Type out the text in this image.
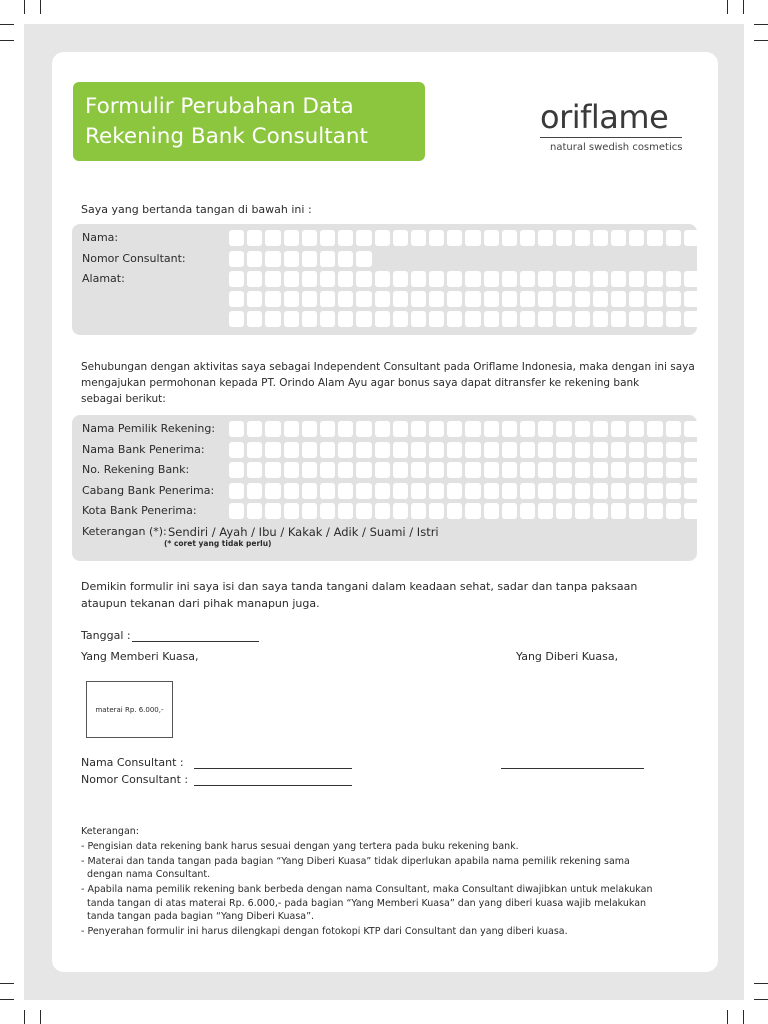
Formulir Perubahan Data
Rekening Bank Consultant
oriflame
natural swedish cosmetics
Saya yang bertanda tangan di bawah ini :
Nama:
Nomor Consultant:
Alamat:
Sehubungan dengan aktivitas saya sebagai Independent Consultant pada Oriflame Indonesia, maka dengan ini saya
mengajukan permohonan kepada PT. Orindo Alam Ayu agar bonus saya dapat ditransfer ke rekening bank
sebagai berikut:
Nama Pemilik Rekening:
Nama Bank Penerima:
No. Rekening Bank:
Cabang Bank Penerima:
Kota Bank Penerima:
Keterangan (*): Sendiri / Ayah / Ibu / Kakak / Adik / Suami / Istri
(* coret yang tidak perlu)
Demikin formulir ini saya isi dan saya tanda tangani dalam keadaan sehat, sadar dan tanpa paksaan
ataupun tekanan dari pihak manapun juga.
Tanggal :
Yang Memberi Kuasa,	Yang Diberi Kuasa,
materai Rp. 6.000,-
Nama Consultant :
Nomor Consultant :
Keterangan:
- Pengisian data rekening bank harus sesuai dengan yang tertera pada buku rekening bank.
- Materai dan tanda tangan pada bagian “Yang Diberi Kuasa” tidak diperlukan apabila nama pemilik rekening sama
dengan nama Consultant.
- Apabila nama pemilik rekening bank berbeda dengan nama Consultant, maka Consultant diwajibkan untuk melakukan
tanda tangan di atas materai Rp. 6.000,- pada bagian “Yang Memberi Kuasa” dan yang diberi kuasa wajib melakukan
tanda tangan pada bagian “Yang Diberi Kuasa”.
- Penyerahan formulir ini harus dilengkapi dengan fotokopi KTP dari Consultant dan yang diberi kuasa.
